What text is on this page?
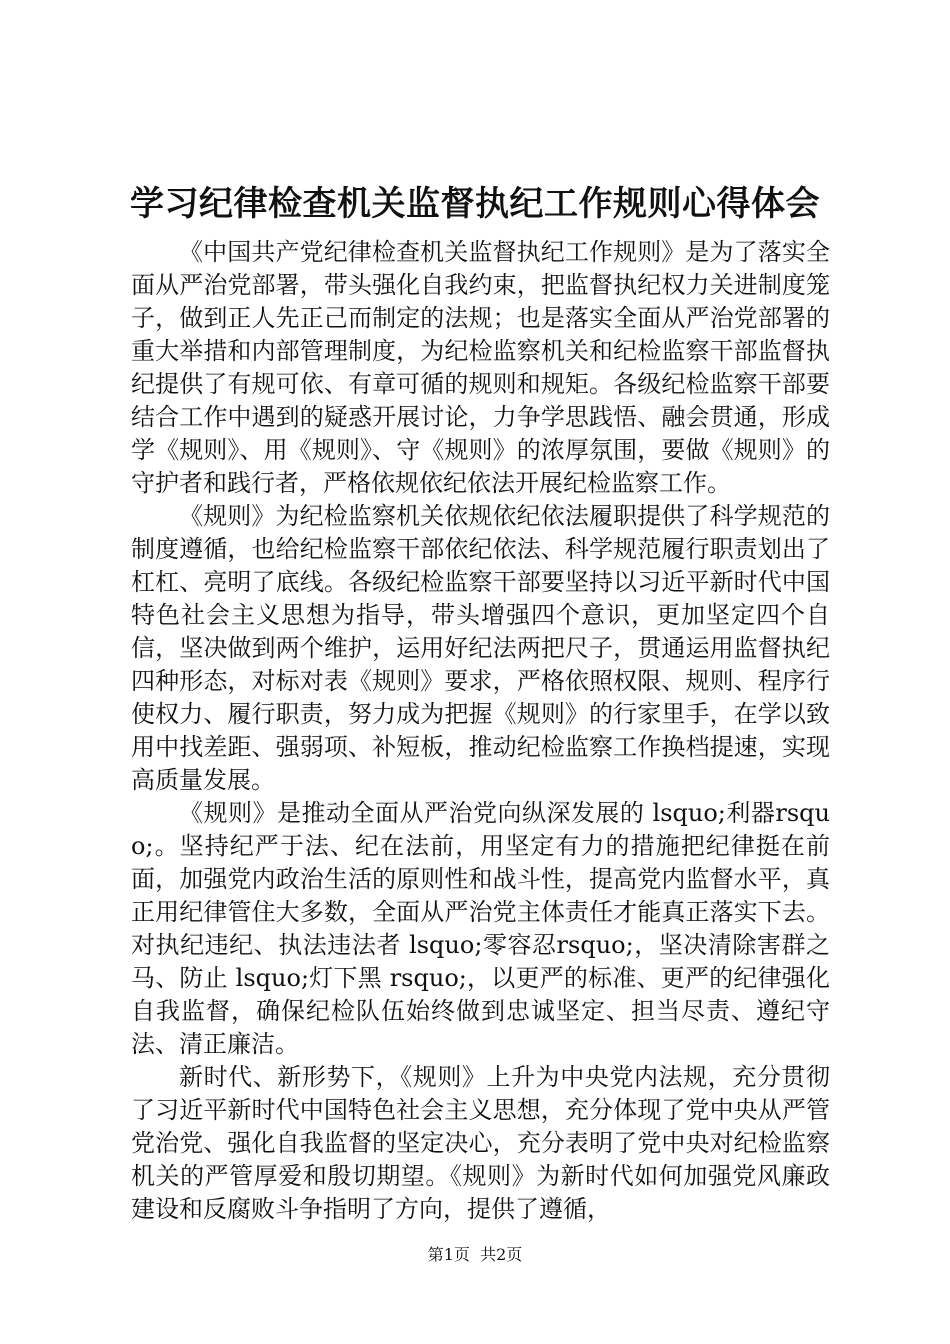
学习纪律检查机关监督执纪工作规则心得体会

《中国共产党纪律检查机关监督执纪工作规则》是为了落实全面从严治党部署，带头强化自我约束，把监督执纪权力关进制度笼子，做到正人先正己而制定的法规；也是落实全面从严治党部署的重大举措和内部管理制度，为纪检监察机关和纪检监察干部监督执纪提供了有规可依、有章可循的规则和规矩。各级纪检监察干部要结合工作中遇到的疑惑开展讨论，力争学思践悟、融会贯通，形成学《规则》、用《规则》、守《规则》的浓厚氛围，要做《规则》的守护者和践行者，严格依规依纪依法开展纪检监察工作。

《规则》为纪检监察机关依规依纪依法履职提供了科学规范的制度遵循，也给纪检监察干部依纪依法、科学规范履行职责划出了杠杠、亮明了底线。各级纪检监察干部要坚持以习近平新时代中国特色社会主义思想为指导，带头增强四个意识，更加坚定四个自信，坚决做到两个维护，运用好纪法两把尺子，贯通运用监督执纪四种形态，对标对表《规则》要求，严格依照权限、规则、程序行使权力、履行职责，努力成为把握《规则》的行家里手，在学以致用中找差距、强弱项、补短板，推动纪检监察工作换档提速，实现高质量发展。

《规则》是推动全面从严治党向纵深发展的 lsquo;利器rsquo;。坚持纪严于法、纪在法前，用坚定有力的措施把纪律挺在前面，加强党内政治生活的原则性和战斗性，提高党内监督水平，真正用纪律管住大多数，全面从严治党主体责任才能真正落实下去。对执纪违纪、执法违法者 lsquo;零容忍rsquo;，坚决清除害群之马、防止 lsquo;灯下黑 rsquo;，以更严的标准、更严的纪律强化自我监督，确保纪检队伍始终做到忠诚坚定、担当尽责、遵纪守法、清正廉洁。

新时代、新形势下，《规则》上升为中央党内法规，充分贯彻了习近平新时代中国特色社会主义思想，充分体现了党中央从严管党治党、强化自我监督的坚定决心，充分表明了党中央对纪检监察机关的严管厚爱和殷切期望。《规则》为新时代如何加强党风廉政建设和反腐败斗争指明了方向，提供了遵循，

第1页  共2页
